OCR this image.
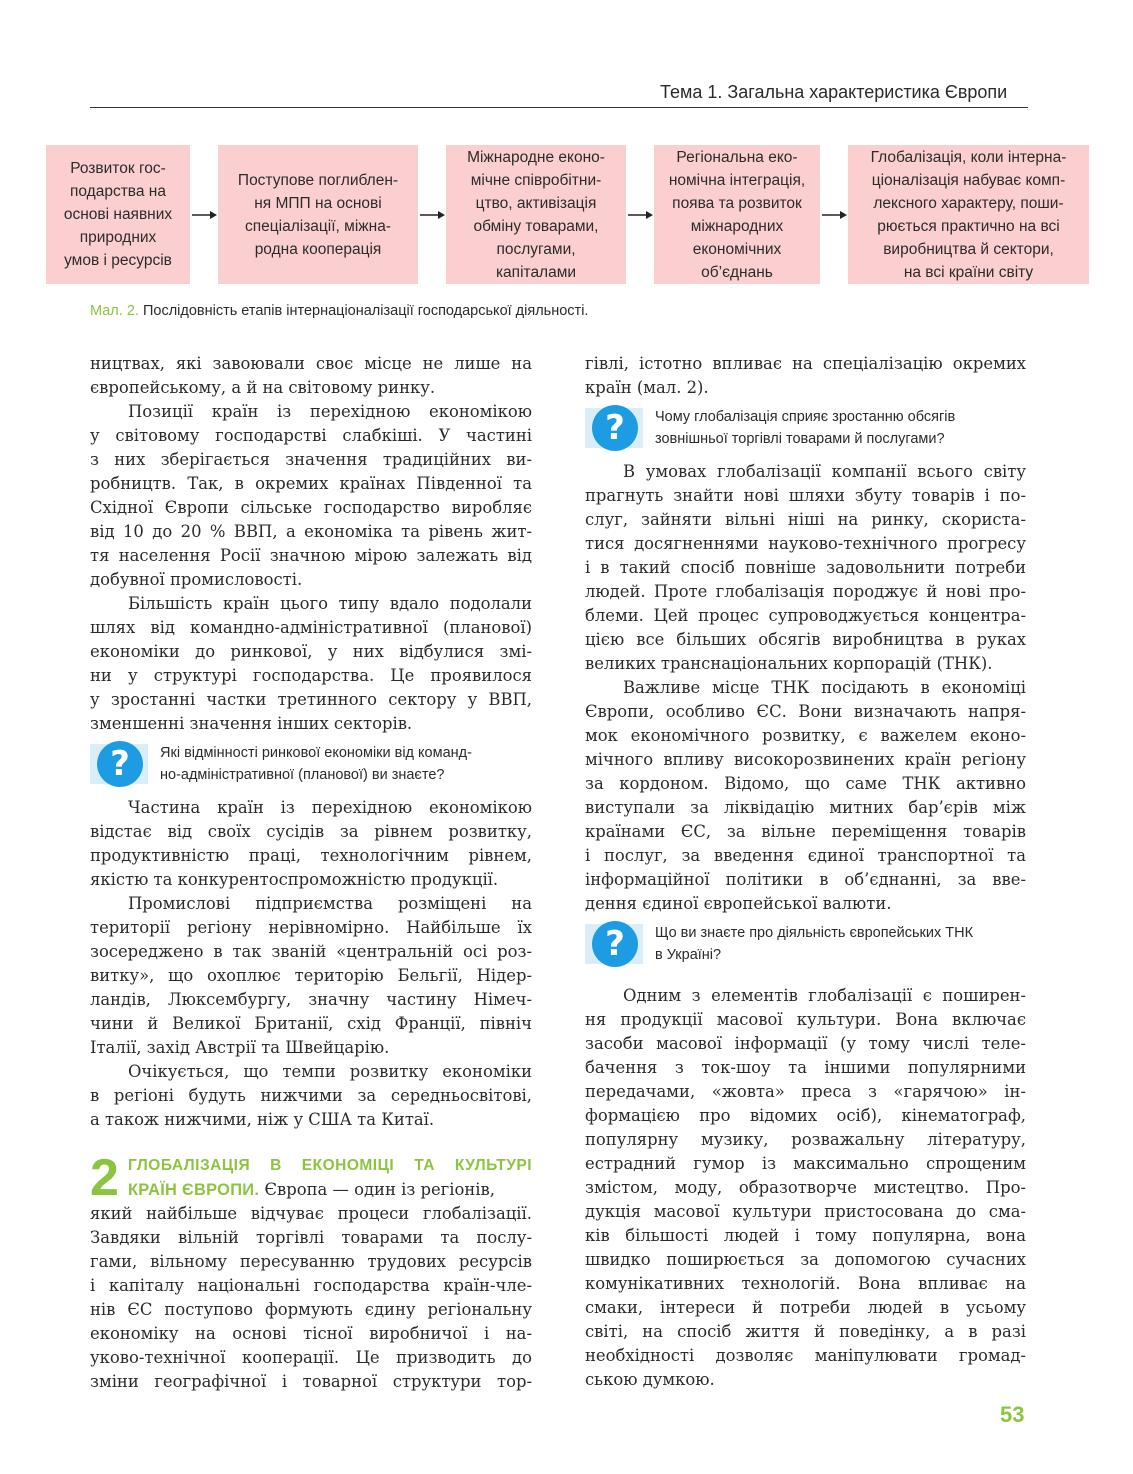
Тема 1. Загальна характеристика Європи
Розвиток гос-
подарства на
основі наявних
природних
умов і ресурсів
Поступове поглиблен-
ня МПП на основі
спеціалізації, міжна-
родна кооперація
Міжнародне еконо-
мічне співробітни-
цтво, активізація
обміну товарами,
послугами,
капіталами
Регіональна еко-
номічна інтеграція,
поява та розвиток
міжнародних
економічних
об’єднань
Глобалізація, коли інтерна-
ціоналізація набуває комп-
лексного характеру, поши-
рюється практично на всі
виробництва й сектори,
на всі країни світу
Мал. 2. Послідовність етапів інтернаціоналізації господарської діяльності.
ництвах, які завоювали своє місце не лише на
європейському, а й на світовому ринку.
Позиції країн із перехідною економікою
у світовому господарстві слабкіші. У частині
з них зберігається значення традиційних ви-
робництв. Так, в окремих країнах Південної та
Східної Європи сільське господарство виробляє
від 10 до 20 % ВВП, а економіка та рівень жит-
тя населення Росії значною мірою залежать від
добувної промисловості.
Більшість країн цього типу вдало подолали
шлях від командно-адміністративної (планової)
економіки до ринкової, у них відбулися змі-
ни у структурі господарства. Це проявилося
у зростанні частки третинного сектору у ВВП,
зменшенні значення інших секторів.
?	Які відмінності ринкової економіки від команд-
но-адміністративної (планової) ви знаєте?
Частина країн із перехідною економікою
відстає від своїх сусідів за рівнем розвитку,
продуктивністю праці, технологічним рівнем,
якістю та конкурентоспроможністю продукції.
Промислові підприємства розміщені на
території регіону нерівномірно. Найбільше їх
зосереджено в так званій «центральній осі роз-
витку», що охоплює територію Бельгії, Нідер-
ландів, Люксембургу, значну частину Німеч-
чини й Великої Британії, схід Франції, північ
Італії, захід Австрії та Швейцарію.
Очікується, що темпи розвитку економіки
в регіоні будуть нижчими за середньосвітові,
а також нижчими, ніж у США та Китаї.
2 ГЛОБАЛІЗАЦІЯ В ЕКОНОМІЦІ ТА КУЛЬТУРІ
КРАЇН ЄВРОПИ. Європа — один із регіонів,
який найбільше відчуває процеси глобалізації.
Завдяки вільній торгівлі товарами та послу-
гами, вільному пересуванню трудових ресурсів
і капіталу національні господарства країн-чле-
нів ЄС поступово формують єдину регіональну
економіку на основі тісної виробничої і на-
уково-технічної кооперації. Це призводить до
зміни географічної і товарної структури тор-
гівлі, істотно впливає на спеціалізацію окремих
країн (мал. 2).
?	Чому глобалізація сприяє зростанню обсягів
зовнішньої торгівлі товарами й послугами?
В умовах глобалізації компанії всього світу
прагнуть знайти нові шляхи збуту товарів і по-
слуг, зайняти вільні ніші на ринку, скориста-
тися досягненнями науково-технічного прогресу
і в такий спосіб повніше задовольнити потреби
людей. Проте глобалізація породжує й нові про-
блеми. Цей процес супроводжується концентра-
цією все більших обсягів виробництва в руках
великих транснаціональних корпорацій (ТНК).
Важливе місце ТНК посідають в економіці
Європи, особливо ЄС. Вони визначають напря-
мок економічного розвитку, є важелем еконо-
мічного впливу високорозвинених країн регіону
за кордоном. Відомо, що саме ТНК активно
виступали за ліквідацію митних бар’єрів між
країнами ЄС, за вільне переміщення товарів
і послуг, за введення єдиної транспортної та
інформаційної політики в об’єднанні, за вве-
дення єдиної європейської валюти.
?	Що ви знаєте про діяльність європейських ТНК
в Україні?
Одним з елементів глобалізації є поширен-
ня продукції масової культури. Вона включає
засоби масової інформації (у тому числі теле-
бачення з ток-шоу та іншими популярними
передачами, «жовта» преса з «гарячою» ін-
формацією про відомих осіб), кінематограф,
популярну музику, розважальну літературу,
естрадний гумор із максимально спрощеним
змістом, моду, образотворче мистецтво. Про-
дукція масової культури пристосована до сма-
ків більшості людей і тому популярна, вона
швидко поширюється за допомогою сучасних
комунікативних технологій. Вона впливає на
смаки, інтереси й потреби людей в усьому
світі, на спосіб життя й поведінку, а в разі
необхідності дозволяє маніпулювати громад-
ською думкою.
53
